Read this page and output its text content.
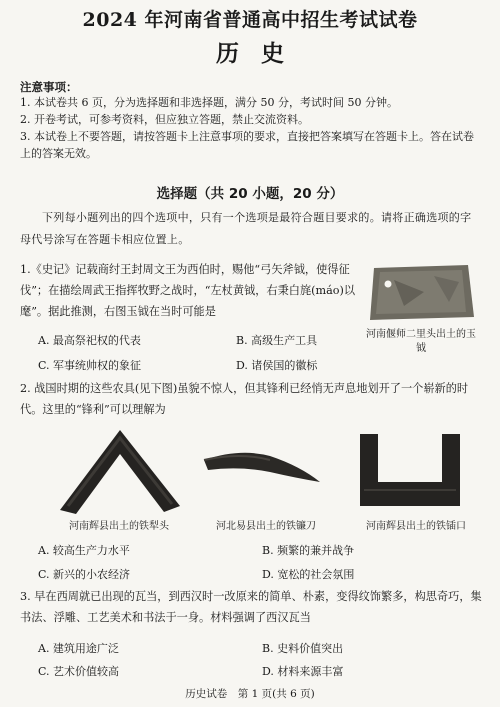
2024 年河南省普通高中招生考试试卷
历史
注意事项：
1. 本试卷共 6 页，分为选择题和非选择题，满分 50 分，考试时间 50 分钟。
2. 开卷考试，可参考资料，但应独立答题，禁止交流资料。
3. 本试卷上不要答题，请按答题卡上注意事项的要求，直接把答案填写在答题卡上。答在试卷上的答案无效。
选择题（共 20 小题，20 分）
下列每小题列出的四个选项中，只有一个选项是最符合题目要求的。请将正确选项的字母代号涂写在答题卡相应位置上。
1.《史记》记载商纣王封周文王为西伯时，赐他“弓矢斧钺，使得征伐”；在描绘周武王指挥牧野之战时，“左杖黄钺，右秉白旄(máo)以麾”。据此推测，右图玉钺在当时可能是
A. 最高祭祀权的代表	B. 高级生产工具
C. 军事统帅权的象征	D. 诸侯国的徽标
河南偃师二里头出土的玉钺
2. 战国时期的这些农具(见下图)虽貌不惊人，但其锋利已经悄无声息地划开了一个崭新的时代。这里的“锋利”可以理解为
河南辉县出土的铁犁头	河北易县出土的铁镰刀	河南辉县出土的铁锸口
A. 较高生产力水平	B. 频繁的兼并战争
C. 新兴的小农经济	D. 宽松的社会氛围
3. 早在西周就已出现的瓦当，到西汉时一改原来的简单、朴素，变得纹饰繁多，构思奇巧，集书法、浮雕、工艺美术和书法于一身。材料强调了西汉瓦当
A. 建筑用途广泛	B. 史料价值突出
C. 艺术价值较高	D. 材料来源丰富
历史试卷　第 1 页(共 6 页)
